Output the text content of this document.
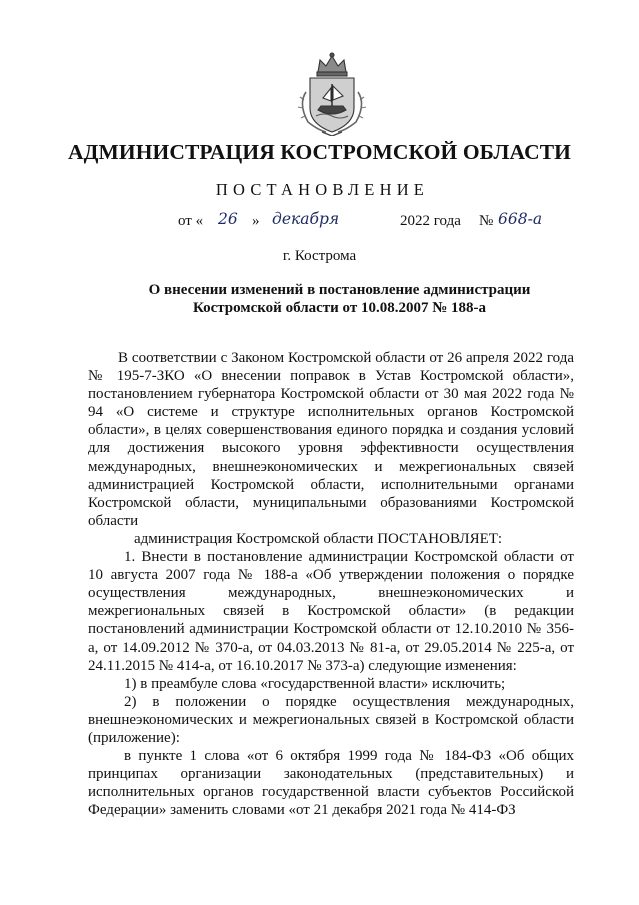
АДМИНИСТРАЦИЯ КОСТРОМСКОЙ ОБЛАСТИ
ПОСТАНОВЛЕНИЕ
от « 26 » декабря	2022 года № 668-а
г. Кострома
О внесении изменений в постановление администрации
Костромской области от 10.08.2007 № 188-а

В соответствии с Законом Костромской области от 26 апреля 2022 года № 195-7-ЗКО «О внесении поправок в Устав Костромской области», постановлением губернатора Костромской области от 30 мая 2022 года № 94 «О системе и структуре исполнительных органов Костромской области», в целях совершенствования единого порядка и создания условий для достижения высокого уровня эффективности осуществления международных, внешнеэкономических и межрегиональных связей администрацией Костромской области, исполнительными органами Костромской области, муниципальными образованиями Костромской области

администрация Костромской области ПОСТАНОВЛЯЕТ:

1. Внести в постановление администрации Костромской области от 10 августа 2007 года № 188-а «Об утверждении положения о порядке осуществления международных, внешнеэкономических и межрегиональных связей в Костромской области» (в редакции постановлений администрации Костромской области от 12.10.2010 № 356-а, от 14.09.2012 № 370-а, от 04.03.2013 № 81-а, от 29.05.2014 № 225-а, от 24.11.2015 № 414-а, от 16.10.2017 № 373-а) следующие изменения:

1) в преамбуле слова «государственной власти» исключить;

2) в положении о порядке осуществления международных, внешнеэкономических и межрегиональных связей в Костромской области (приложение):

в пункте 1 слова «от 6 октября 1999 года № 184-ФЗ «Об общих принципах организации законодательных (представительных) и исполнительных органов государственной власти субъектов Российской Федерации» заменить словами «от 21 декабря 2021 года № 414-ФЗ
